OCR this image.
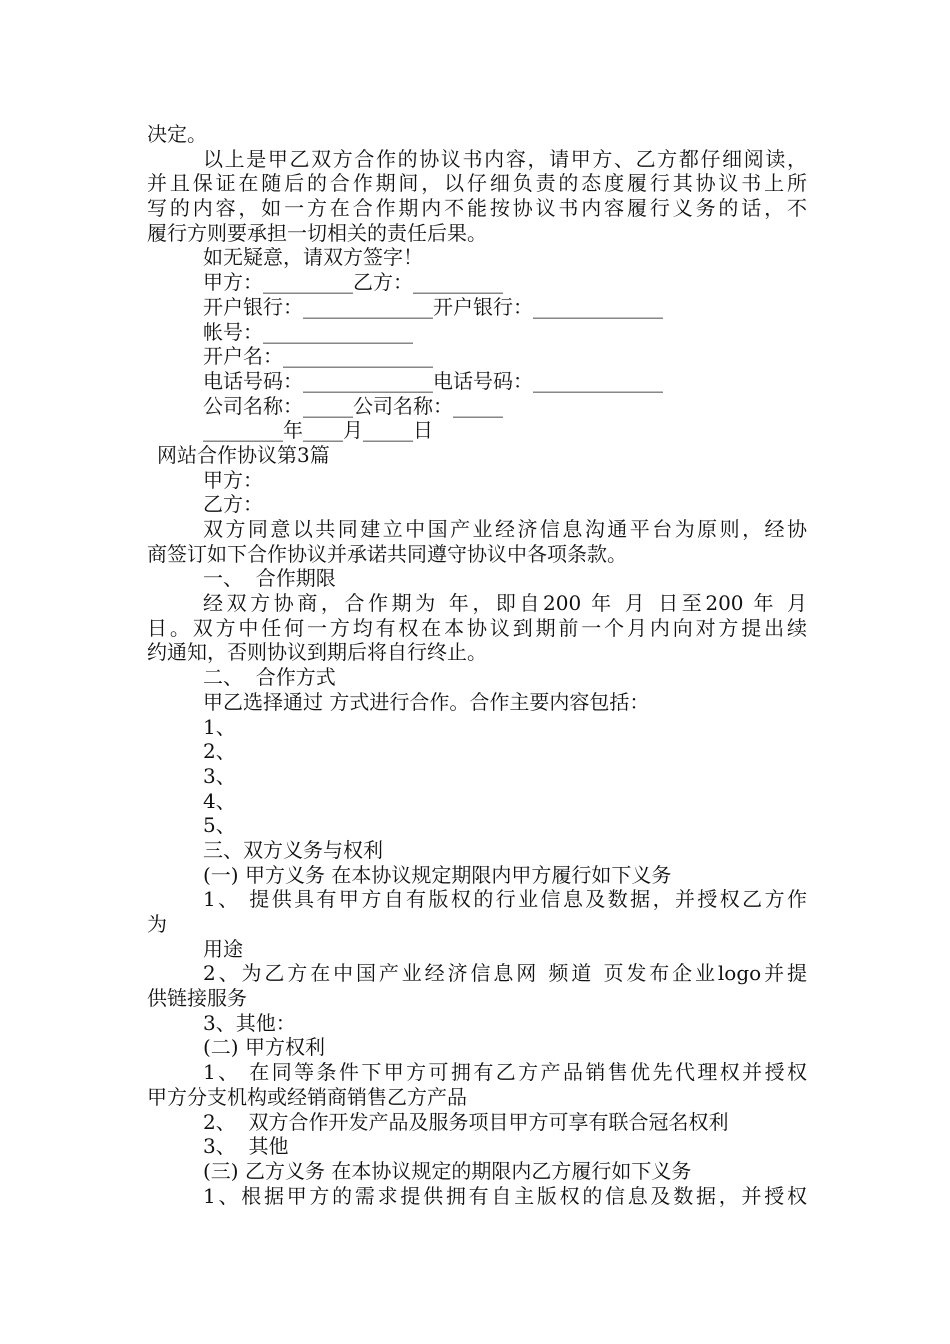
决定。
以上是甲乙双方合作的协议书内容，请甲方、乙方都仔细阅读，
并且保证在随后的合作期间，以仔细负责的态度履行其协议书上所
写的内容，如一方在合作期内不能按协议书内容履行义务的话，不
履行方则要承担一切相关的责任后果。
如无疑意，请双方签字！
甲方：_________乙方：_________
开户银行：_____________开户银行：_____________
帐号：_______________
开户名：_______________
电话号码：_____________电话号码：_____________
公司名称：_____公司名称：_____
________年____月_____日
网站合作协议第3篇
甲方：
乙方：
双方同意以共同建立中国产业经济信息沟通平台为原则，经协
商签订如下合作协议并承诺共同遵守协议中各项条款。
一、  合作期限
经双方协商，合作期为 年，即自200 年 月 日至200 年 月
日。双方中任何一方均有权在本协议到期前一个月内向对方提出续
约通知，否则协议到期后将自行终止。
二、  合作方式
甲乙选择通过 方式进行合作。合作主要内容包括：
1、
2、
3、
4、
5、
三、双方义务与权利
(一) 甲方义务 在本协议规定期限内甲方履行如下义务
1、 提供具有甲方自有版权的行业信息及数据，并授权乙方作
为
用途
2、为乙方在中国产业经济信息网 频道 页发布企业logo并提
供链接服务
3、其他：
(二) 甲方权利
1、 在同等条件下甲方可拥有乙方产品销售优先代理权并授权
甲方分支机构或经销商销售乙方产品
2、  双方合作开发产品及服务项目甲方可享有联合冠名权利
3、  其他
(三) 乙方义务 在本协议规定的期限内乙方履行如下义务
1、根据甲方的需求提供拥有自主版权的信息及数据，并授权
